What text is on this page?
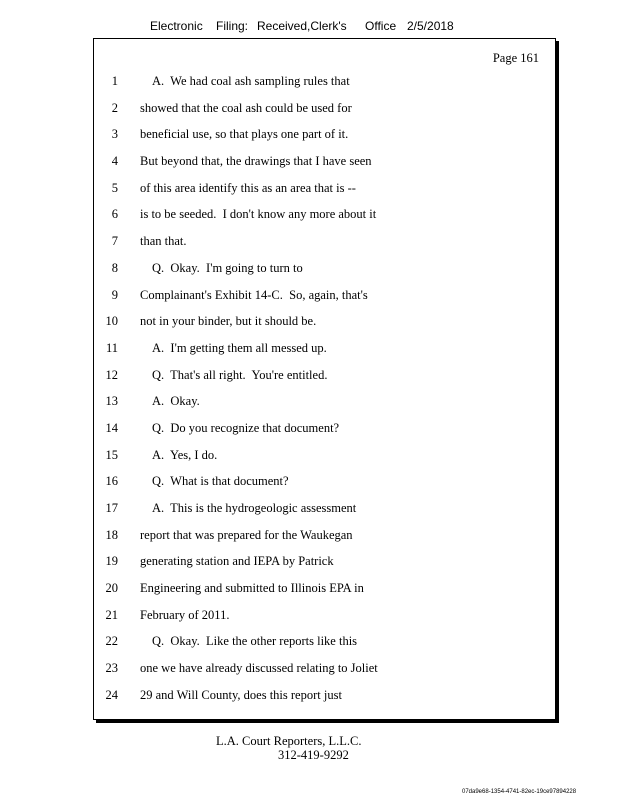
Electronic Filing: Received,Clerk's Office 2/5/2018
Page 161
1	A.  We had coal ash sampling rules that
2 showed that the coal ash could be used for
3 beneficial use, so that plays one part of it.
4 But beyond that, the drawings that I have seen
5 of this area identify this as an area that is --
6 is to be seeded.  I don't know any more about it
7 than that.
8	Q.  Okay.  I'm going to turn to
9 Complainant's Exhibit 14-C.  So, again, that's
10 not in your binder, but it should be.
11	A.  I'm getting them all messed up.
12	Q.  That's all right.  You're entitled.
13	A.  Okay.
14	Q.  Do you recognize that document?
15	A.  Yes, I do.
16	Q.  What is that document?
17	A.  This is the hydrogeologic assessment
18 report that was prepared for the Waukegan
19 generating station and IEPA by Patrick
20 Engineering and submitted to Illinois EPA in
21 February of 2011.
22	Q.  Okay.  Like the other reports like this
23 one we have already discussed relating to Joliet
24 29 and Will County, does this report just
L.A. Court Reporters, L.L.C.
312-419-9292
07da9e68-1354-4741-82ec-19ce97894228
